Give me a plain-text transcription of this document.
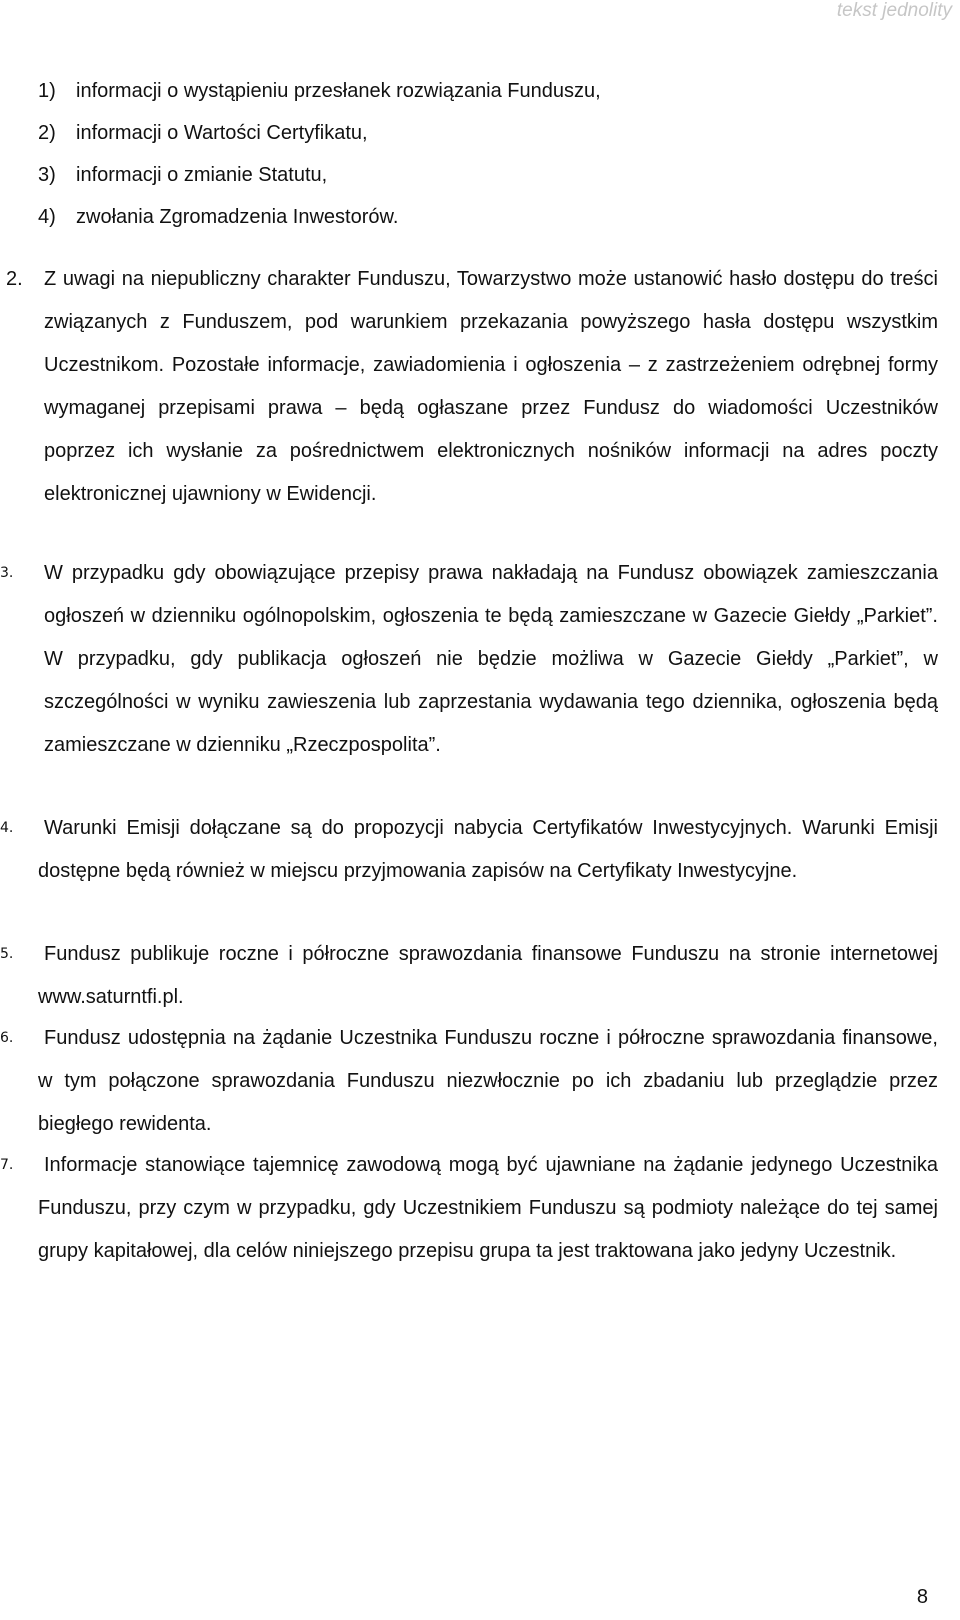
tekst jednolity
1)	informacji o wystąpieniu przesłanek rozwiązania Funduszu,
2)	informacji o Wartości Certyfikatu,
3)	informacji o zmianie Statutu,
4)	zwołania Zgromadzenia Inwestorów.
2.	Z uwagi na niepubliczny charakter Funduszu, Towarzystwo może ustanowić hasło dostępu do treści związanych z Funduszem, pod warunkiem przekazania powyższego hasła dostępu wszystkim Uczestnikom. Pozostałe informacje, zawiadomienia i ogłoszenia – z zastrzeżeniem odrębnej formy wymaganej przepisami prawa – będą ogłaszane przez Fundusz do wiadomości Uczestników poprzez ich wysłanie za pośrednictwem elektronicznych nośników informacji na adres poczty elektronicznej ujawniony w Ewidencji.
3.	W przypadku gdy obowiązujące przepisy prawa nakładają na Fundusz obowiązek zamieszczania ogłoszeń w dzienniku ogólnopolskim, ogłoszenia te będą zamieszczane w Gazecie Giełdy „Parkiet”. W przypadku, gdy publikacja ogłoszeń nie będzie możliwa w Gazecie Giełdy „Parkiet”, w szczególności w wyniku zawieszenia lub zaprzestania wydawania tego dziennika, ogłoszenia będą zamieszczane w dzienniku „Rzeczpospolita”.
4.	Warunki Emisji dołączane są do propozycji nabycia Certyfikatów Inwestycyjnych. Warunki Emisji dostępne będą również w miejscu przyjmowania zapisów na Certyfikaty Inwestycyjne.
5.	Fundusz publikuje roczne i półroczne sprawozdania finansowe Funduszu na stronie internetowej www.saturntfi.pl.
6.	Fundusz udostępnia na żądanie Uczestnika Funduszu roczne i półroczne sprawozdania finansowe, w tym połączone sprawozdania Funduszu niezwłocznie po ich zbadaniu lub przeglądzie przez biegłego rewidenta.
7.	Informacje stanowiące tajemnicę zawodową mogą być ujawniane na żądanie jedynego Uczestnika Funduszu, przy czym w przypadku, gdy Uczestnikiem Funduszu są podmioty należące do tej samej grupy kapitałowej, dla celów niniejszego przepisu grupa ta jest traktowana jako jedyny Uczestnik.
8
